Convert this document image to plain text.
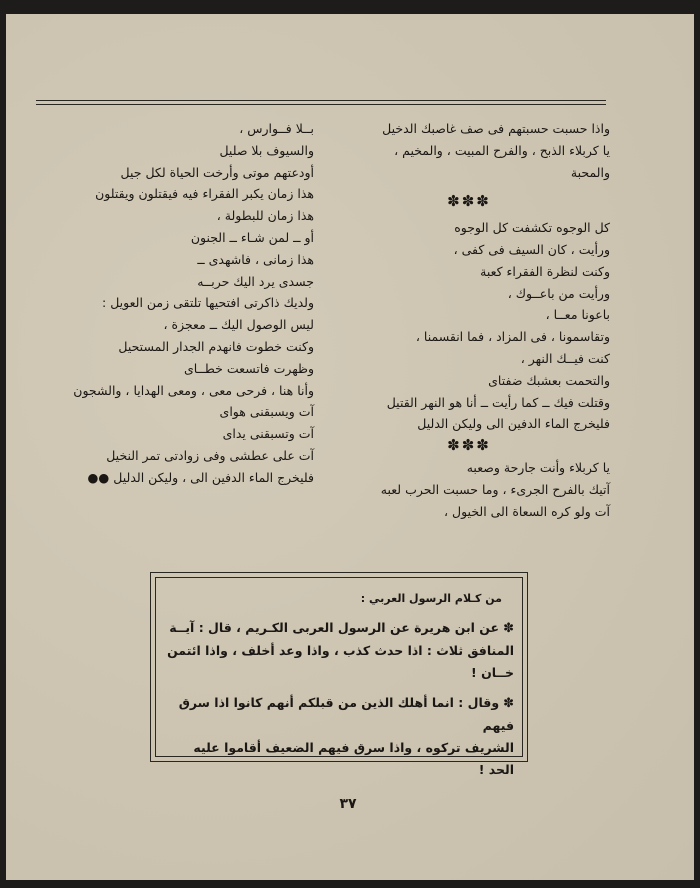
واذا حسبت حسبتهم فى صف غاصبك الدخيل
يا كربلاء الذبح ، والفرح المبيت ، والمخيم ،
والمحبة
✽✽✽
كل الوجوه تكشفت كل الوجوه
ورأيت ، كان السيف فى كفى ،
وكنت لنظرة الفقراء كعبة
ورأيت من باعــوك ،
باعونا معــا ،
وتقاسمونا ، فى المزاد ، فما انقسمنا ،
كنت فيــك النهر ،
والتحمت بعشبك ضفتاى
وقتلت فيك ــ كما رأيت ــ أنا هو النهر القتيل
فليخرج الماء الدفين الى وليكن الدليل
✽✽✽
يا كربلاء وأنت جارحة وصعبه
آتيك بالفرح الجرىء ، وما حسبت الحرب لعبه
آت ولو كره السعاة الى الخيول ،
بــلا فــوارس ،
والسيوف بلا صليل
أودعتهم موتى وأرخت الحياة لكل جيل
هذا زمان يكبر الفقراء فيه فيقتلون ويقتلون
هذا زمان للبطولة ،
أو ــ لمن شـاء ــ الجنون
هذا زمانى ، فاشهدى ــ
جسدى يرد اليك حربــه
ولديك ذاكرتى افتحيها تلتقى زمن العويل :
ليس الوصول اليك ــ معجزة ،
وكنت خطوت فانهدم الجدار المستحيل
وظهرت فاتسعت خطــاى
وأنا هنا ، فرحى معى ، ومعى الهدايا ، والشجون
آت ويسبقنى هواى
آت وتسبقنى يداى
آت على عطشى وفى زوادتى تمر النخيل
فليخرج الماء الدفين الى ، وليكن الدليل ●●
من كـلام الرسول العربي :
✽عن ابن هريرة عن الرسول العربى الكـريم ، قال : آيــة
المنافق ثلاث : اذا حدث كذب ، واذا وعد أخلف ، واذا ائتمن
خــان !
✽وقال : انما أهلك الذين من قبلكم أنهم كانوا اذا سرق فيهم
الشريف تركوه ، واذا سرق فيهم الضعيف أقاموا عليه الحد !
٣٧
